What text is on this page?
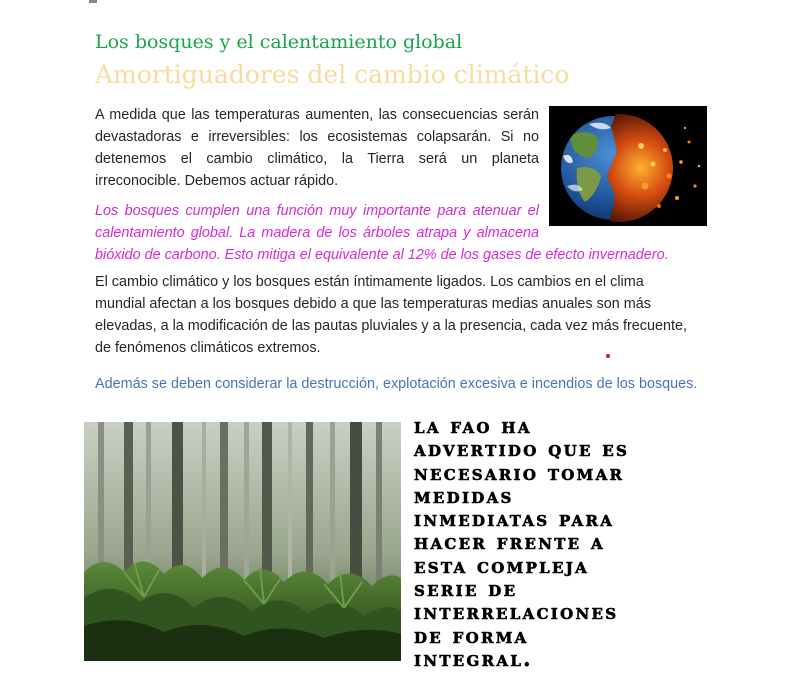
Los bosques y el calentamiento global
Amortiguadores del cambio climático

A medida que las temperaturas aumenten, las consecuencias serán devastadoras e irreversibles: los ecosistemas colapsarán. Si no detenemos el cambio climático, la Tierra será un planeta irreconocible. Debemos actuar rápido.

Los bosques cumplen una función muy importante para atenuar el calentamiento global. La madera de los árboles atrapa y almacena bióxido de carbono. Esto mitiga el equivalente al 12% de los gases de efecto invernadero.

El cambio climático y los bosques están íntimamente ligados. Los cambios en el clima mundial afectan a los bosques debido a que las temperaturas medias anuales son más elevadas, a la modificación de las pautas pluviales y a la presencia, cada vez más frecuente, de fenómenos climáticos extremos.

Además se deben considerar la destrucción, explotación excesiva e incendios de los bosques.

la fao ha
advertido que es
necesario tomar
medidas
inmediatas para
hacer frente a
esta compleja
serie de
interrelaciones
de forma
integral.
